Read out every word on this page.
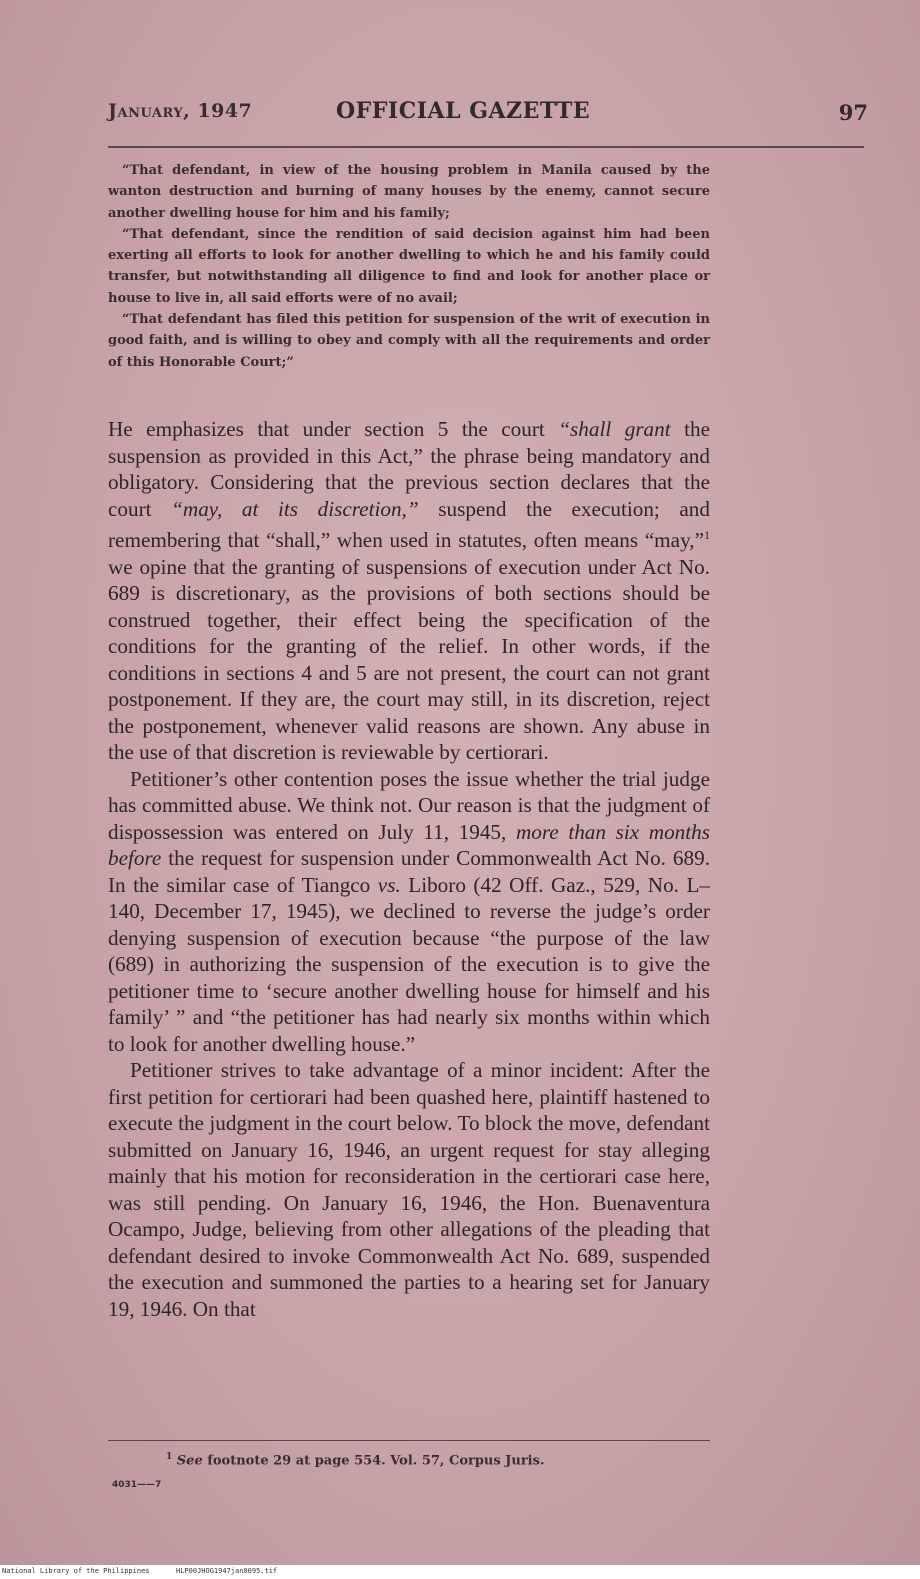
January, 1947	OFFICIAL GAZETTE	97

“That defendant, in view of the housing problem in Manila caused by the wanton destruction and burning of many houses by the enemy, cannot secure another dwelling house for him and his family;

“That defendant, since the rendition of said decision against him had been exerting all efforts to look for another dwelling to which he and his family could transfer, but notwithstanding all diligence to find and look for another place or house to live in, all said efforts were of no avail;

“That defendant has filed this petition for suspension of the writ of execution in good faith, and is willing to obey and comply with all the requirements and order of this Honorable Court;”

He emphasizes that under section 5 the court “shall grant the suspension as provided in this Act,” the phrase being mandatory and obligatory. Considering that the previous section declares that the court “may, at its discretion,” suspend the execution; and remembering that “shall,” when used in statutes, often means “may,”$^1$ we opine that the granting of suspensions of execution under Act No. 689 is discretionary, as the provisions of both sections should be construed together, their effect being the specification of the conditions for the granting of the relief. In other words, if the conditions in sections 4 and 5 are not present, the court can not grant postponement. If they are, the court may still, in its discretion, reject the postponement, whenever valid reasons are shown. Any abuse in the use of that discretion is reviewable by certiorari.

Petitioner’s other contention poses the issue whether the trial judge has committed abuse. We think not. Our reason is that the judgment of dispossession was entered on July 11, 1945, more than six months before the request for suspension under Commonwealth Act No. 689. In the similar case of Tiangco vs. Liboro (42 Off. Gaz., 529, No. L–140, December 17, 1945), we declined to reverse the judge’s order denying suspension of execution because “the purpose of the law (689) in authorizing the suspension of the execution is to give the petitioner time to ‘secure another dwelling house for himself and his family’ ” and “the petitioner has had nearly six months within which to look for another dwelling house.”

Petitioner strives to take advantage of a minor incident: After the first petition for certiorari had been quashed here, plaintiff hastened to execute the judgment in the court below. To block the move, defendant submitted on January 16, 1946, an urgent request for stay alleging mainly that his motion for reconsideration in the certiorari case here, was still pending. On January 16, 1946, the Hon. Buenaventura Ocampo, Judge, believing from other allegations of the pleading that defendant desired to invoke Commonwealth Act No. 689, suspended the execution and summoned the parties to a hearing set for January 19, 1946. On that

$^1$ See footnote 29 at page 554. Vol. 57, Corpus Juris.
4031——7
National Library of the Philippines	HLP00JHOG1947jan0095.tif
